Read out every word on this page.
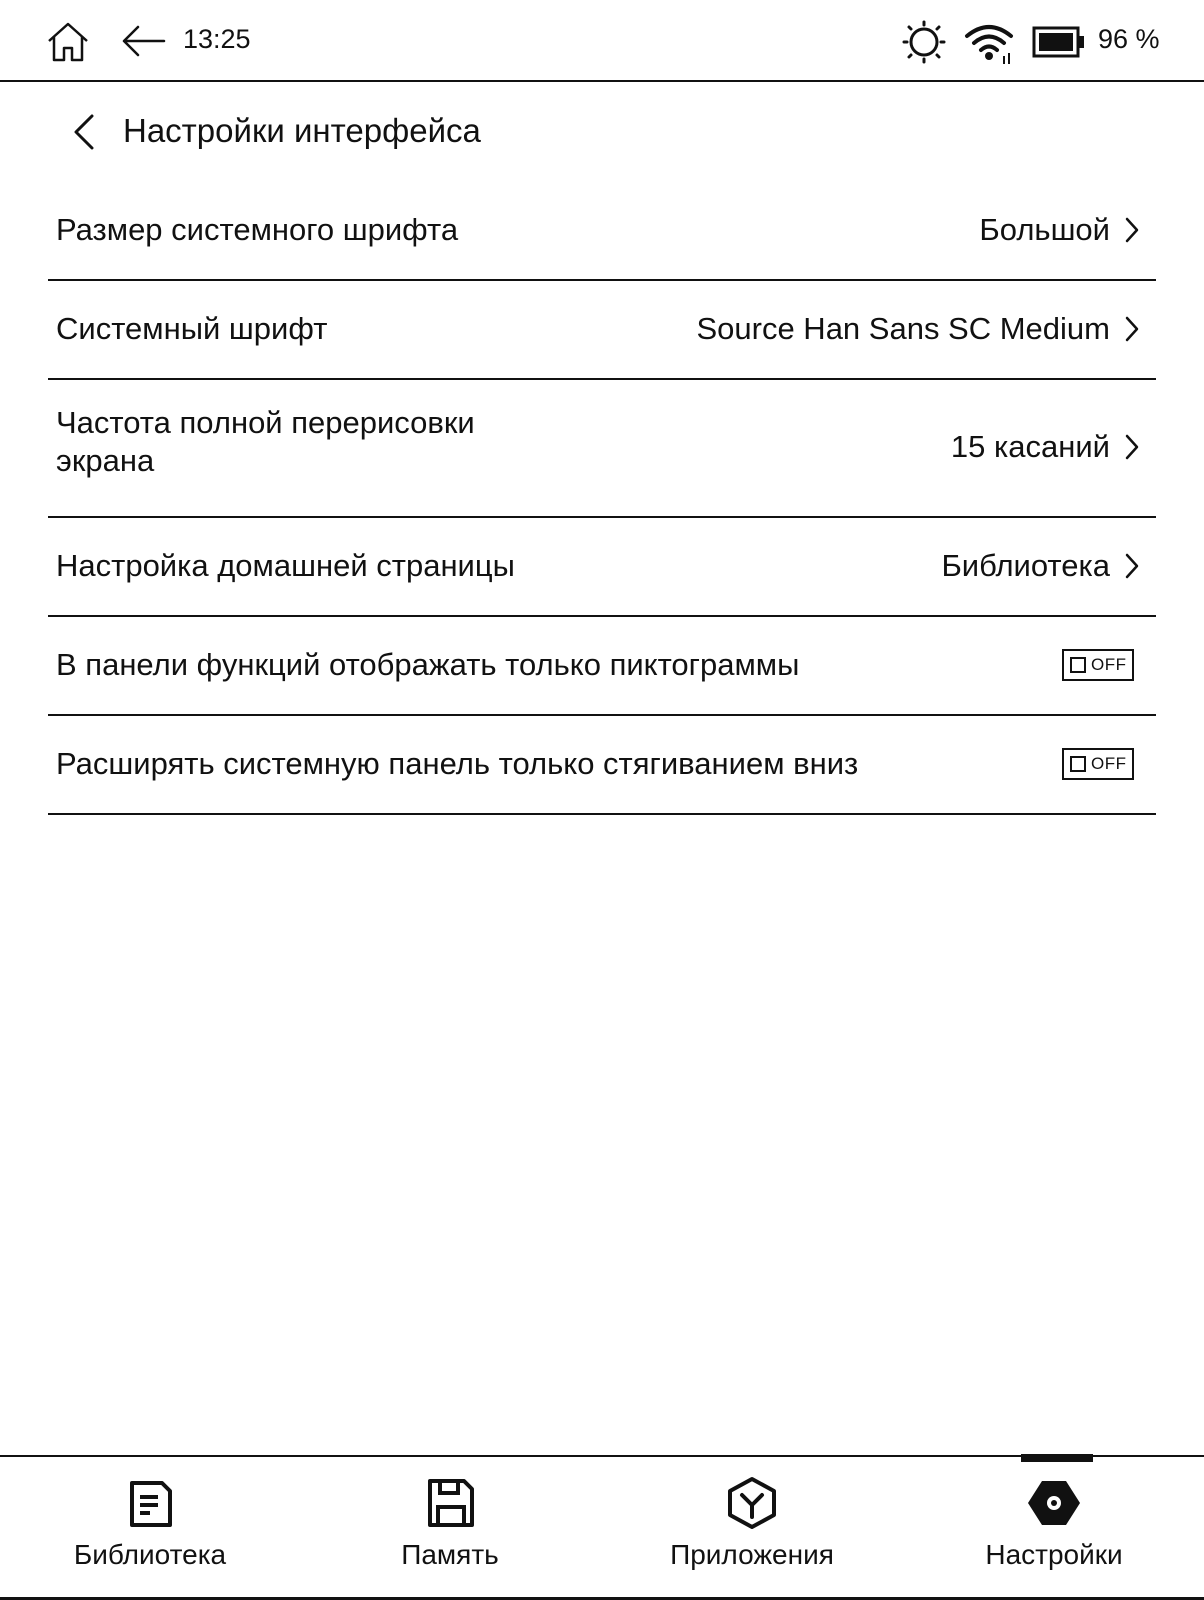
13:25	96 %
Настройки интерфейса
Размер системного шрифта	Большой
Системный шрифт	Source Han Sans SC Medium
Частота полной перерисовки экрана	15 касаний
Настройка домашней страницы	Библиотека
В панели функций отображать только пиктограммы	OFF
Расширять системную панель только стягиванием вниз	OFF
Библиотека	Память	Приложения	Настройки
